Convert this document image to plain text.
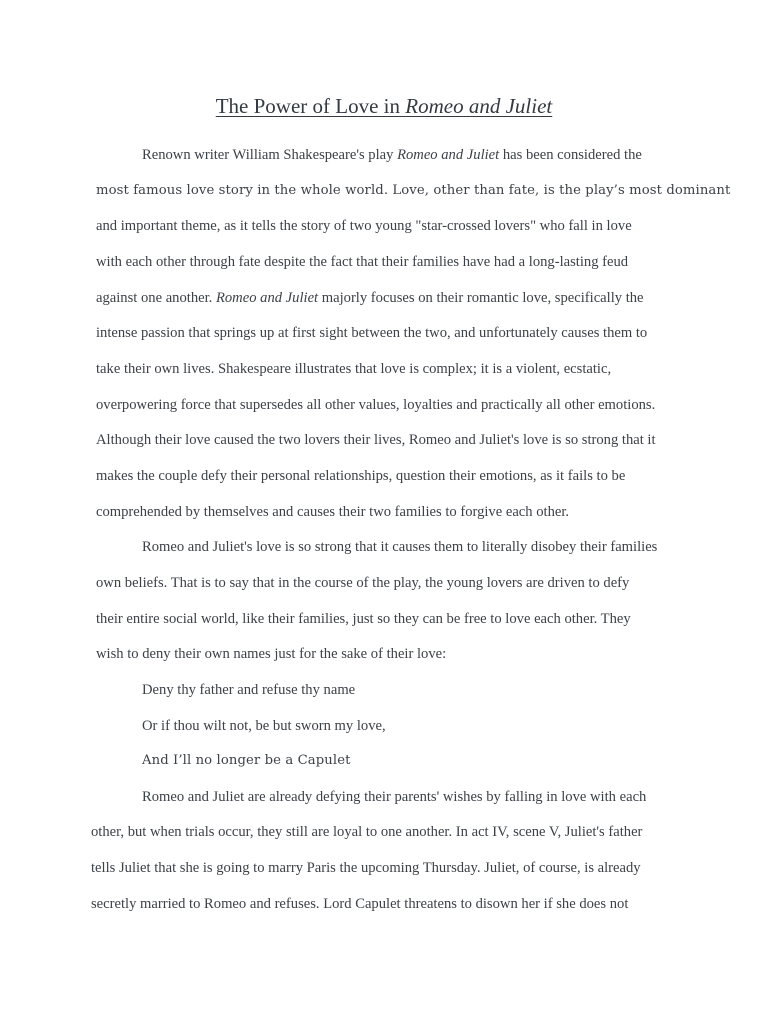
The Power of Love in Romeo and Juliet
Renown writer William Shakespeare's play Romeo and Juliet has been considered the
most famous love story in the whole world. Love, other than fate, is the play’s most dominant
and important theme, as it tells the story of two young "star-crossed lovers" who fall in love
with each other through fate despite the fact that their families have had a long-lasting feud
against one another. Romeo and Juliet majorly focuses on their romantic love, specifically the
intense passion that springs up at first sight between the two, and unfortunately causes them to
take their own lives. Shakespeare illustrates that love is complex; it is a violent, ecstatic,
overpowering force that supersedes all other values, loyalties and practically all other emotions.
Although their love caused the two lovers their lives, Romeo and Juliet's love is so strong that it
makes the couple defy their personal relationships, question their emotions, as it fails to be
comprehended by themselves and causes their two families to forgive each other.
Romeo and Juliet's love is so strong that it causes them to literally disobey their families
own beliefs. That is to say that in the course of the play, the young lovers are driven to defy
their entire social world, like their families, just so they can be free to love each other. They
wish to deny their own names just for the sake of their love:
Deny thy father and refuse thy name
Or if thou wilt not, be but sworn my love,
And I’ll no longer be a Capulet
Romeo and Juliet are already defying their parents' wishes by falling in love with each
other, but when trials occur, they still are loyal to one another. In act IV, scene V, Juliet's father
tells Juliet that she is going to marry Paris the upcoming Thursday. Juliet, of course, is already
secretly married to Romeo and refuses. Lord Capulet threatens to disown her if she does not
